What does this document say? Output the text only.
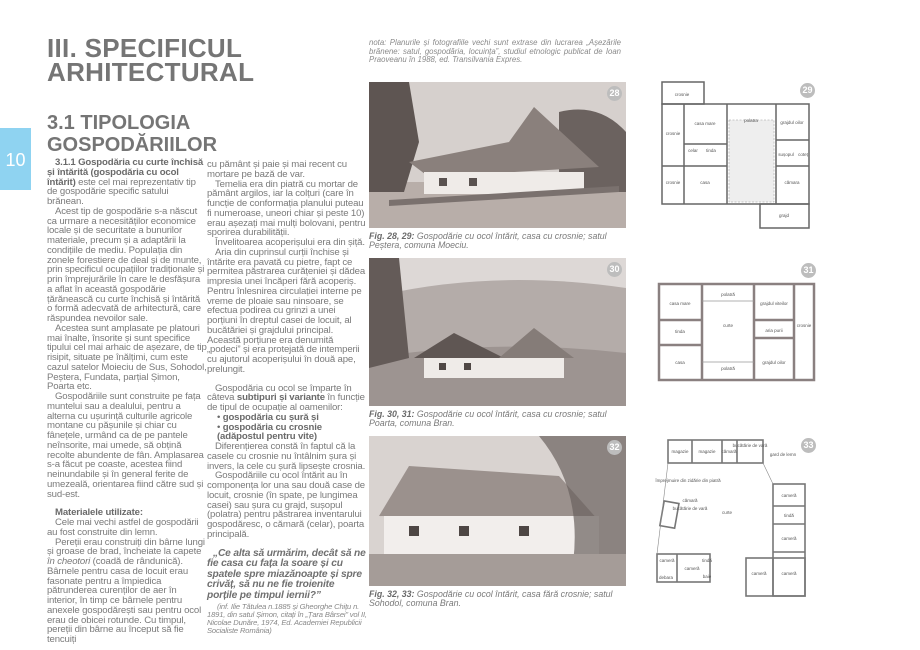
III. SPECIFICUL
ARHITECTURAL
3.1 TIPOLOGIA
GOSPODĂRIILOR
10	3.1.1 Gospodăria cu curte închisă și întărită (gospodăria cu ocol întărit) este cel mai reprezentativ tip de gospodărie specific satului brănean.

Acest tip de gospodărie s-a născut ca urmare a necesităților economice locale și de securitate a bunurilor materiale, precum și a adaptării la condițiile de mediu. Populația din zonele forestiere de deal și de munte, prin specificul ocupațiilor tradiționale și prin împrejurările în care le desfășura a aflat în această gospodărie țărănească cu curte închisă și întărită o formă adecvată de arhitectură, care răspundea nevoilor sale.

Acestea sunt amplasate pe platouri mai înalte, însorite și sunt specifice tipului cel mai arhaic de așezare, de tip risipit, situate pe înălțimi, cum este cazul satelor Moieciu de Sus, Sohodol, Peștera, Fundata, parțial Șimon, Poarta etc.

Gospodăriile sunt construite pe fața muntelui sau a dealului, pentru a alterna cu ușurință culturile agricole montane cu pășunile și chiar cu fânețele, urmând ca de pe pantele neînsorite, mai umede, să obțină recolte abundente de fân. Amplasarea s-a făcut pe coaste, acestea fiind neinundabile și în general ferite de umezeală, orientarea fiind către sud și sud-est.

Materialele utilizate:

Cele mai vechi astfel de gospodării au fost construite din lemn.

Pereții erau construiți din bârne lungi și groase de brad, încheiate la capete în cheotori (coadă de rândunică). Bârnele pentru casa de locuit erau fasonate pentru a împiedica pătrunderea curenților de aer în interior, în timp ce bârnele pentru anexele gospodărești sau pentru ocol erau de obicei rotunde. Cu timpul, pereții din bârne au început să fie tencuiți

cu pământ și paie și mai recent cu mortare pe bază de var.

Temelia era din piatră cu mortar de pământ argilos, iar la colțuri (care în funcție de conformația planului puteau fi numeroase, uneori chiar și peste 10) erau așezați mai mulți bolovani, pentru sporirea durabilității.

Învelitoarea acoperișului era din șiță.

Aria din cuprinsul curții închise și întărite era pavată cu pietre, fapt ce permitea păstrarea curățeniei și dădea impresia unei încăperi fără acoperiș. Pentru înlesnirea circulației interne pe vreme de ploaie sau ninsoare, se efectua podirea cu grinzi a unei porțiuni în dreptul casei de locuit, al bucătăriei și grajdului principal. Această porțiune era denumită „podeci” și era protejată de intemperii cu ajutorul acoperișului în două ape, prelungit.

Gospodăria cu ocol se împarte în câteva subtipuri și variante în funcție de tipul de ocupație al oamenilor:

• gospodăria cu șură și
• gospodăria cu crosnie (adăpostul pentru vite)

Diferențierea constă în faptul că la casele cu crosnie nu întâlnim șura și invers, la cele cu șură lipsește crosnia.

Gospodăriile cu ocol întărit au în componența lor una sau două case de locuit, crosnie (în spate, pe lungimea casei) sau șura cu grajd, sușopul (polatra) pentru păstrarea inventarului gospodăresc, o cămară (celar), poarta principală.

„Ce alta să urmărim, decât să ne fie casa cu fața la soare și cu spatele spre miazănoapte și spre crivăț, să nu ne fie troienite porțile pe timpul iernii?”
(inf. Ilie Tătulea n.1885 și Gheorghe Chițu n. 1891, din satul Șimon, citați în „Țara Bârsei” vol II, Nicolae Dunăre, 1974, Ed. Academiei Republicii Socialiste România)
nota: Planurile și fotografiile vechi sunt extrase din lucrarea „Așezările brănene: satul, gospodăria, locuința”, studiul etnologic publicat de Ioan Praoveanu în 1988, ed. Transilvania Expres.
28
Fig. 28, 29: Gospodărie cu ocol întărit, casa cu crosnie; satul Peștera, comuna Moeciu.
30
Fig. 30, 31: Gospodărie cu ocol întărit, casa cu crosnie; satul Poarta, comuna Bran.
32
Fig. 32, 33: Gospodărie cu ocol întărit, casa fără crosnie; satul Sohodol, comuna Bran.
crosnie
casa mare
crosnie
celar tinda
polatra	grajdul oilor
sușopul coteț
crosnie	casa	cămara
grajd
29
polatră
casa mare	grajdul viteilor
tinda
curte
aria purii
crosnie
casa	grajdul oilor
polatră
31
magazie magazie cămară
bucătărie de vară
gard de lemn
împrejmuire din zidărie din piatră
cămară
bucătărie de vară
curte
cameră
tindă
cameră
cameră	cameră
debara
cameră
cameră
tindă
baie
33
